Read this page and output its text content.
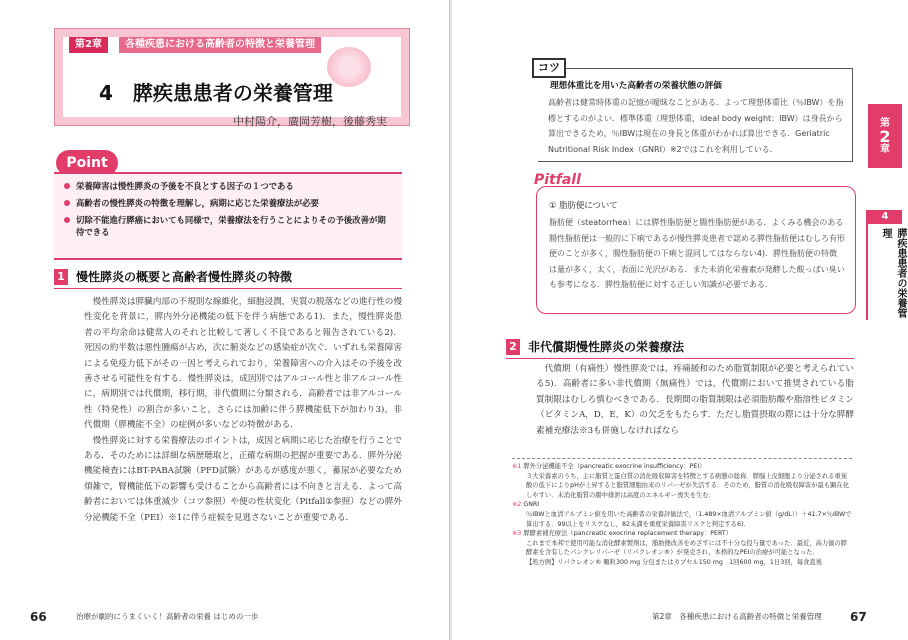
第2章	各種疾患における高齢者の特徴と栄養管理
4　膵疾患患者の栄養管理
中村陽介，廣岡芳樹，後藤秀実
Point
栄養障害は慢性膵炎の予後を不良とする因子の１つである
高齢者の慢性膵炎の特徴を理解し，病期に応じた栄養療法が必要
切除不能進行膵癌においても同様で，栄養療法を行うことによりその予後改善が期待できる
1 慢性膵炎の概要と高齢者慢性膵炎の特徴

慢性膵炎は膵臓内部の不規則な線維化，細胞浸潤，実質の脱落などの進行性の慢性変化を背景に，膵内外分泌機能の低下を伴う病態である1)．また，慢性膵炎患者の平均余命は健常人のそれと比較して著しく不良であると報告されている2)．死因の約半数は悪性腫瘍が占め，次に腑炎などの感染症が次ぐ．いずれも栄養障害による免疫力低下がその一因と考えられており，栄養障害への介入はその予後を改善させる可能性を有する．慢性膵炎は，成因別ではアルコール性と非アルコール性に，病期別では代償期，移行期，非代償期に分類される．高齢者では非アルコール性（特発性）の割合が多いこと，さらには加齢に伴う膵機能低下が加わり3)，非代償期（膵機能不全）の症例が多いなどの特徴がある．

慢性膵炎に対する栄養療法のポイントは，成因と病期に応じた治療を行うことである．そのためには詳細な病歴聴取と，正確な病期の把握が重要である．膵外分泌機能検査にはBT-PABA試験（PFD試験）があるが感度が悪く，蓄尿が必要なため煩雑で，腎機能低下の影響も受けることから高齢者には不向きと言える．よって高齢者においては体重減少（コツ参照）や便の性状変化（Pitfall①参照）などの膵外分泌機能不全（PEI）※1に伴う症候を見逃さないことが重要である．

66	治療が劇的にうまくいく！高齢者の栄養 はじめの一歩
理想体重比を用いた高齢者の栄養状態の評価
高齢者は健常時体重の記憶が曖昧なことがある．よって理想体重比（％IBW）を指標とするのがよい．標準体重（理想体重，ideal body weight：IBW）は身長から算出できるため，％IBWは現在の身長と体重がわかれば算出できる．Geriatric Nutritional Risk Index（GNRI）※2ではこれを利用している．
コツ
① 脂肪便について
脂肪便（steatorrhea）には膵性脂肪便と腸性脂肪便がある．よくみる機会のある腸性脂肪便は一般的に下痢であるが慢性膵炎患者で認める膵性脂肪便はむしろ有形便のことが多く，腸性脂肪便の下痢と混同してはならない4)．膵性脂肪便の特徴は量が多く，太く，表面に光沢がある．また未消化栄養素が発酵した酸っぱい臭いも参考になる．膵性脂肪便に対する正しい知識が必要である．
Pitfall
2 非代償期慢性膵炎の栄養療法

代償期（有痛性）慢性膵炎では，疼痛緩和のため脂質制限が必要と考えられている5)．高齢者に多い非代償期（無痛性）では，代償期において推奨されている脂質制限はむしろ慎むべきである．長期間の脂質制限は必須脂肪酸や脂溶性ビタミン（ビタミンA，D，E，K）の欠乏をもたらす．ただし脂質摂取の際には十分な膵酵素補充療法※3も併施しなければなら

※1 膵外分泌機能不全（pancreatic exocrine insufficiency：PEI）
３大栄養素のうち，主に脂質と蛋白質の消化吸収障害を特徴とする病態の総称．膵腺上皮細胞より分泌される重炭酸の低下によりpHが上昇すると脂質細胞由来のリパーゼが失活する．そのため，脂質の消化吸収障害が最も顕在化しやすい．未消化脂質の腸中排泄は高度のエネルギー喪失を生む．
※2 GNRI
％IBWと血清アルブミン値を用いた高齢者の栄養評価法で，（1.489×血清アルブミン値（g/dL））＋41.7×％IBWで算出する．99以上をリスクなし，82未満を重度栄養障害リスクと判定する6)．
※3 膵酵素補充療法（pancreatic exocrine replacement therapy：PERT）
これまで本邦で使用可能な消化酵素製剤は，脂肪便改善をめざすには不十分な投与量であった．最近，高力価の膵酵素を含有したパンクレリパーゼ（リパクレオン®）が発売され，本格的なPEIの治療が可能となった．
【処方例】リパクレオン® 顆粒300 mg 分包またはカプセル150 mg　1回600 mg，1日3回，毎食直後
第
2
章
4
膵疾患患者の栄養管理
第2章　各種疾患における高齢者の特徴と栄養管理 67
